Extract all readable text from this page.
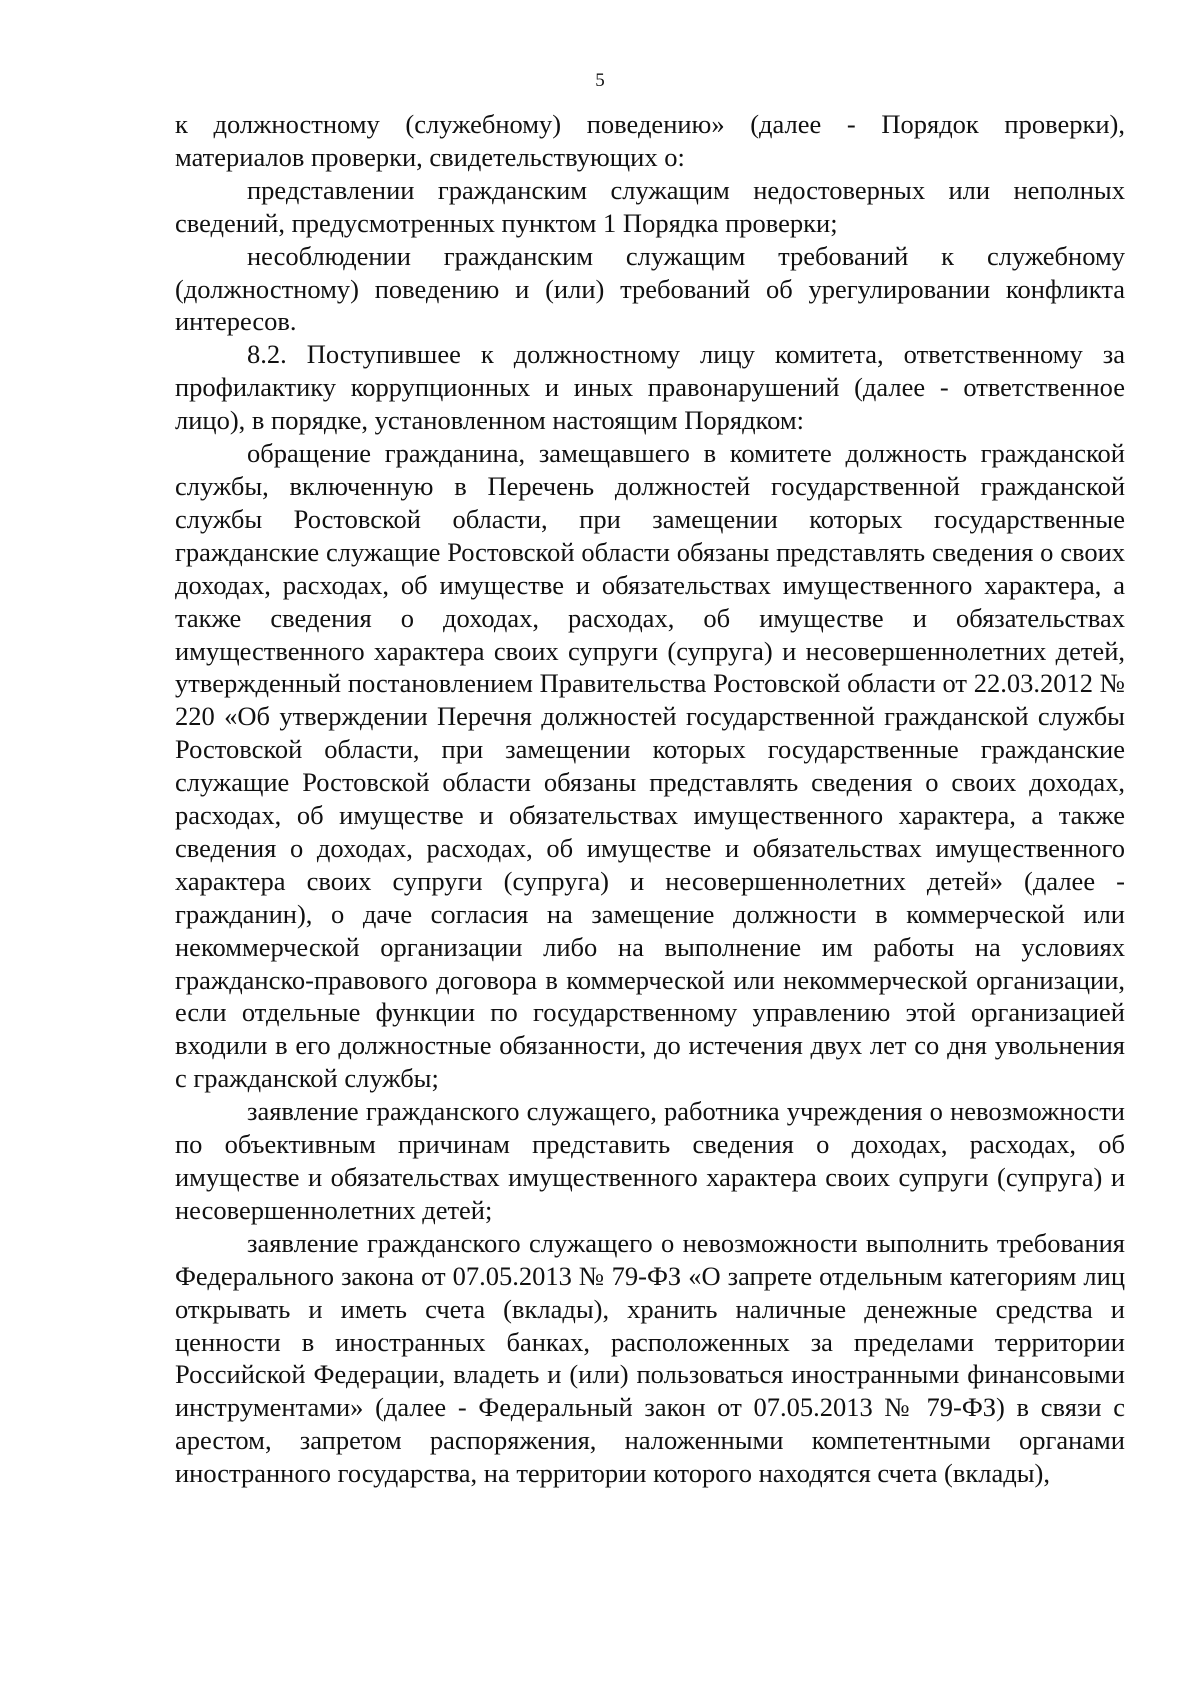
5

к должностному (служебному) поведению» (далее - Порядок проверки), материалов проверки, свидетельствующих о:

представлении гражданским служащим недостоверных или неполных сведений, предусмотренных пунктом 1 Порядка проверки;

несоблюдении гражданским служащим требований к служебному (должностному) поведению и (или) требований об урегулировании конфликта интересов.

8.2. Поступившее к должностному лицу комитета, ответственному за профилактику коррупционных и иных правонарушений (далее - ответственное лицо), в порядке, установленном настоящим Порядком:

обращение гражданина, замещавшего в комитете должность гражданской службы, включенную в Перечень должностей государственной гражданской службы Ростовской области, при замещении которых государственные гражданские служащие Ростовской области обязаны представлять сведения о своих доходах, расходах, об имуществе и обязательствах имущественного характера, а также сведения о доходах, расходах, об имуществе и обязательствах имущественного характера своих супруги (супруга) и несовершеннолетних детей, утвержденный постановлением Правительства Ростовской области от 22.03.2012 № 220 «Об утверждении Перечня должностей государственной гражданской службы Ростовской области, при замещении которых государственные гражданские служащие Ростовской области обязаны представлять сведения о своих доходах, расходах, об имуществе и обязательствах имущественного характера, а также сведения о доходах, расходах, об имуществе и обязательствах имущественного характера своих супруги (супруга) и несовершеннолетних детей» (далее - гражданин), о даче согласия на замещение должности в коммерческой или некоммерческой организации либо на выполнение им работы на условиях гражданско-правового договора в коммерческой или некоммерческой организации, если отдельные функции по государственному управлению этой организацией входили в его должностные обязанности, до истечения двух лет со дня увольнения с гражданской службы;

заявление гражданского служащего, работника учреждения о невозможности по объективным причинам представить сведения о доходах, расходах, об имуществе и обязательствах имущественного характера своих супруги (супруга) и несовершеннолетних детей;

заявление гражданского служащего о невозможности выполнить требования Федерального закона от 07.05.2013 № 79-ФЗ «О запрете отдельным категориям лиц открывать и иметь счета (вклады), хранить наличные денежные средства и ценности в иностранных банках, расположенных за пределами территории Российской Федерации, владеть и (или) пользоваться иностранными финансовыми инструментами» (далее - Федеральный закон от 07.05.2013 № 79-ФЗ) в связи с арестом, запретом распоряжения, наложенными компетентными органами иностранного государства, на территории которого находятся счета (вклады),
